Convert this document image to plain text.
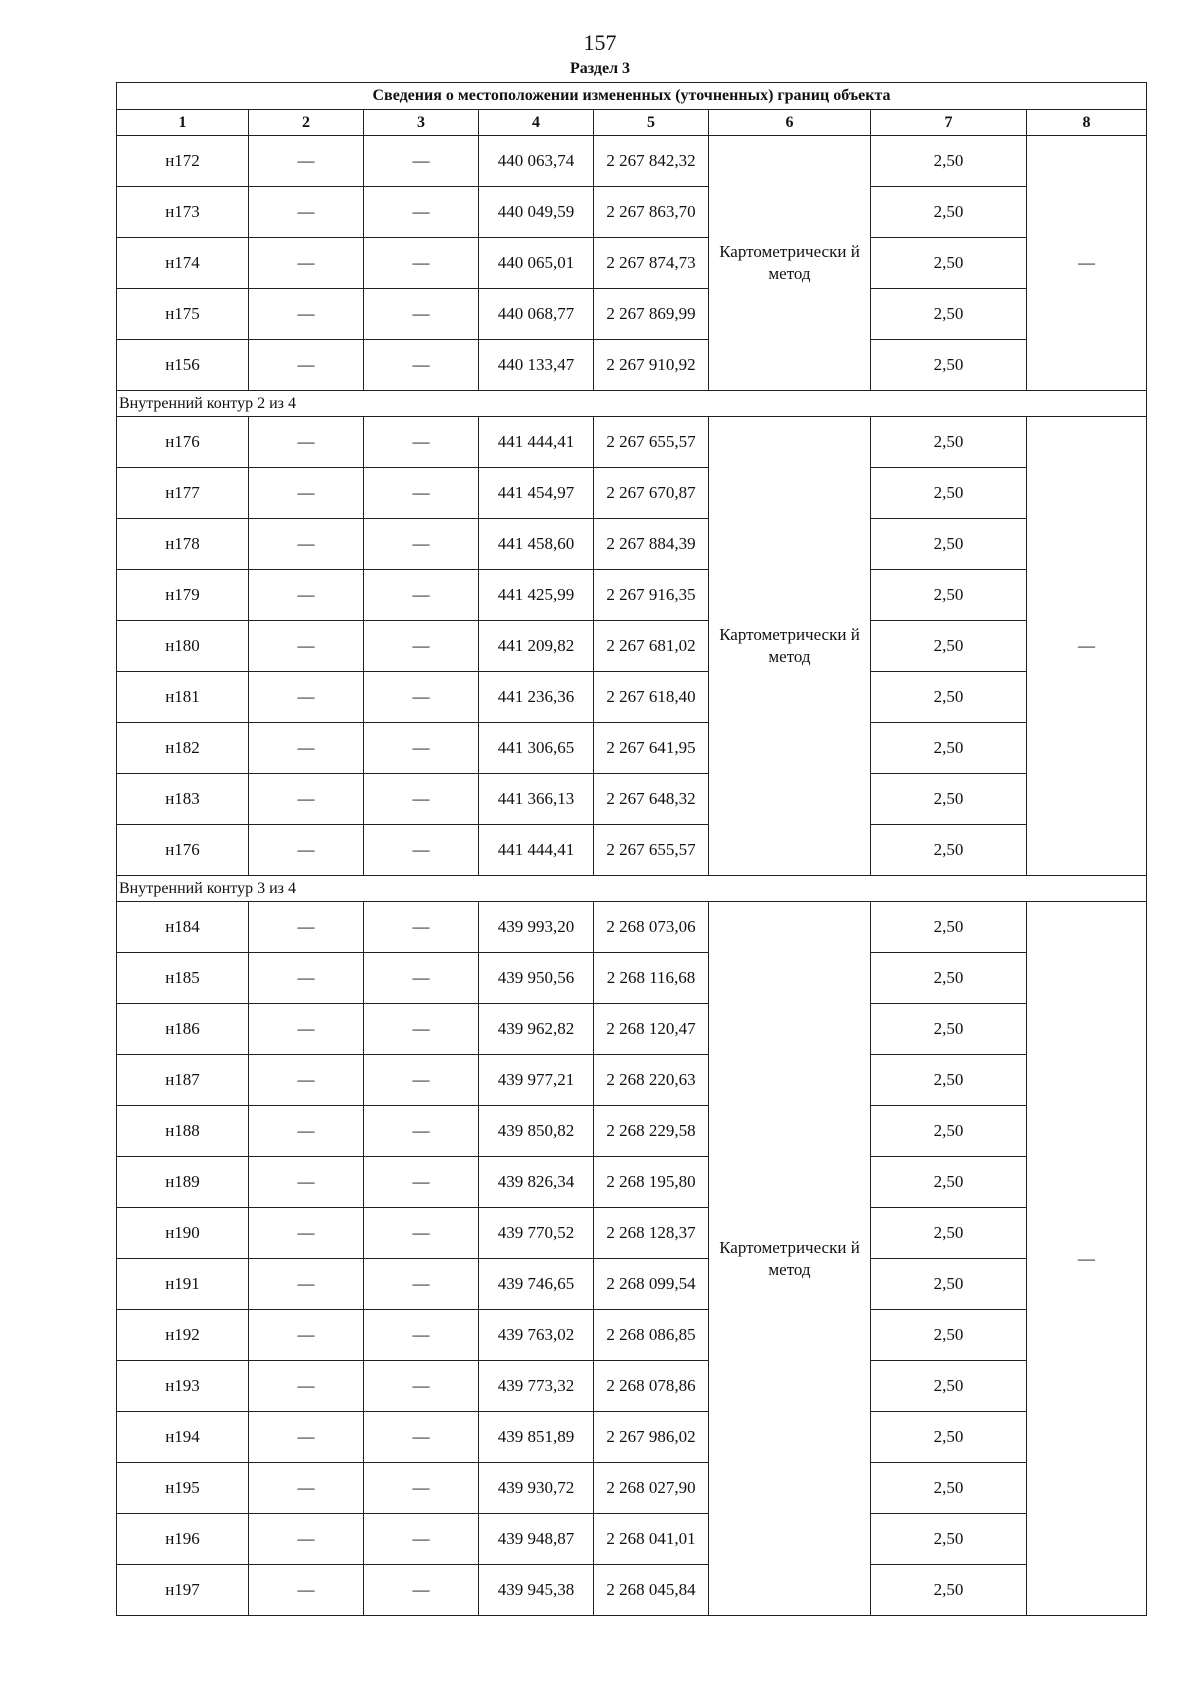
157
Раздел 3
Сведения о местоположении измененных (уточненных) границ объекта							
1	2	3	4	5	6	7	8
н172	—	—	440 063,74	2 267 842,32	Картометрически й метод	2,50	—
н173	—	—	440 049,59	2 267 863,70		2,50	
н174	—	—	440 065,01	2 267 874,73		2,50	
н175	—	—	440 068,77	2 267 869,99		2,50	
н156	—	—	440 133,47	2 267 910,92		2,50	
Внутренний контур 2 из 4							
н176	—	—	441 444,41	2 267 655,57	Картометрически й метод	2,50	—
н177	—	—	441 454,97	2 267 670,87		2,50	
н178	—	—	441 458,60	2 267 884,39		2,50	
н179	—	—	441 425,99	2 267 916,35		2,50	
н180	—	—	441 209,82	2 267 681,02		2,50	
н181	—	—	441 236,36	2 267 618,40		2,50	
н182	—	—	441 306,65	2 267 641,95		2,50	
н183	—	—	441 366,13	2 267 648,32		2,50	
н176	—	—	441 444,41	2 267 655,57		2,50	
Внутренний контур 3 из 4							
н184	—	—	439 993,20	2 268 073,06	Картометрически й метод	2,50	—
н185	—	—	439 950,56	2 268 116,68		2,50	
н186	—	—	439 962,82	2 268 120,47		2,50	
н187	—	—	439 977,21	2 268 220,63		2,50	
н188	—	—	439 850,82	2 268 229,58		2,50	
н189	—	—	439 826,34	2 268 195,80		2,50	
н190	—	—	439 770,52	2 268 128,37		2,50	
н191	—	—	439 746,65	2 268 099,54		2,50	
н192	—	—	439 763,02	2 268 086,85		2,50	
н193	—	—	439 773,32	2 268 078,86		2,50	
н194	—	—	439 851,89	2 267 986,02		2,50	
н195	—	—	439 930,72	2 268 027,90		2,50	
н196	—	—	439 948,87	2 268 041,01		2,50	
н197	—	—	439 945,38	2 268 045,84		2,50	
